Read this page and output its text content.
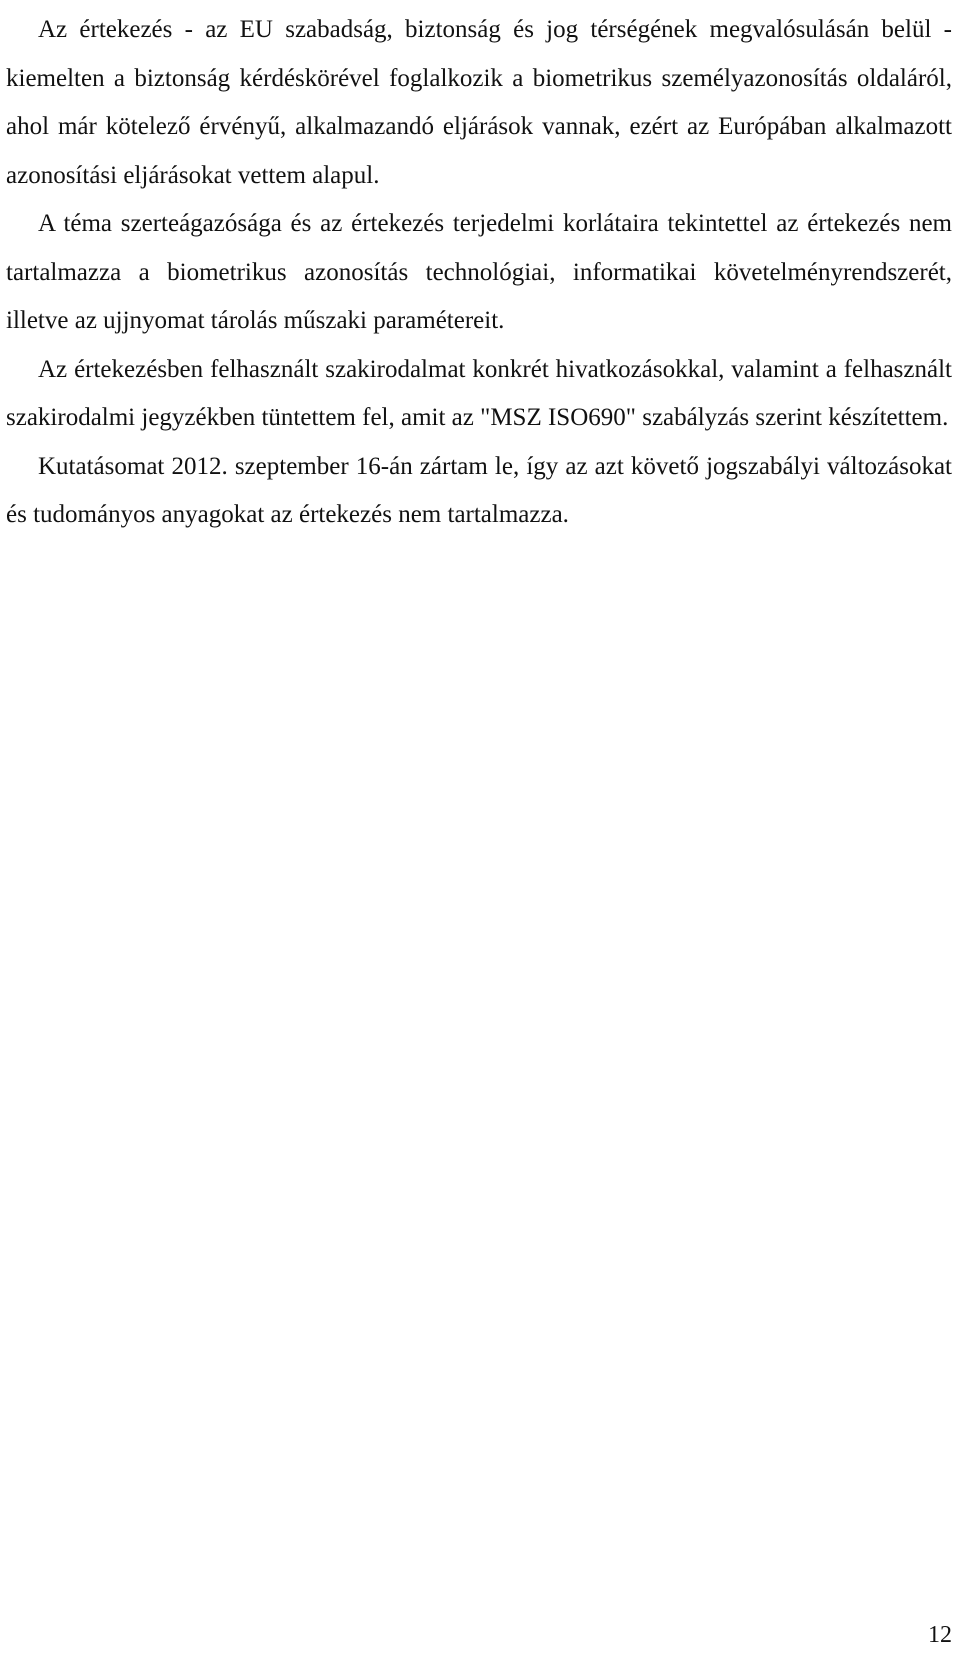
Az értekezés - az EU szabadság, biztonság és jog térségének megvalósulásán belül - kiemelten a biztonság kérdéskörével foglalkozik a biometrikus személyazonosítás oldaláról, ahol már kötelező érvényű, alkalmazandó eljárások vannak, ezért az Európában alkalmazott azonosítási eljárásokat vettem alapul.

A téma szerteágazósága és az értekezés terjedelmi korlátaira tekintettel az értekezés nem tartalmazza a biometrikus azonosítás technológiai, informatikai követelményrendszerét, illetve az ujjnyomat tárolás műszaki paramétereit.

Az értekezésben felhasznált szakirodalmat konkrét hivatkozásokkal, valamint a felhasznált szakirodalmi jegyzékben tüntettem fel, amit az "MSZ ISO690" szabályzás szerint készítettem.

Kutatásomat 2012. szeptember 16-án zártam le, így az azt követő jogszabályi változásokat és tudományos anyagokat az értekezés nem tartalmazza.

12
